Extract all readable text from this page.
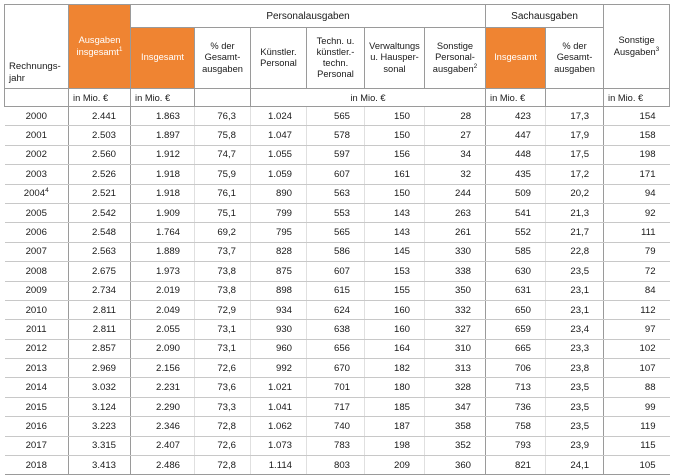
Rechnungs-jahr	Ausgaben insgesamt$^1$	Personalausgaben						Sachausgaben		Sonstige Ausgaben$^3$
		Insgesamt	% der Gesamt-ausgaben	Künstler. Personal	Techn. u. künstler.-techn. Personal	Verwaltungs u. Hausper-sonal	Sonstige Personal-ausgaben$^2$	Insgesamt	% der Gesamt-ausgaben	
	in Mio. €	in Mio. €		in Mio. €				in Mio. €		in Mio. €
2000	2.441	1.863	76,3	1.024	565	150	28	423	17,3	154
2001	2.503	1.897	75,8	1.047	578	150	27	447	17,9	158
2002	2.560	1.912	74,7	1.055	597	156	34	448	17,5	198
2003	2.526	1.918	75,9	1.059	607	161	32	435	17,2	171
2004$^4$	2.521	1.918	76,1	890	563	150	244	509	20,2	94
2005	2.542	1.909	75,1	799	553	143	263	541	21,3	92
2006	2.548	1.764	69,2	795	565	143	261	552	21,7	111
2007	2.563	1.889	73,7	828	586	145	330	585	22,8	79
2008	2.675	1.973	73,8	875	607	153	338	630	23,5	72
2009	2.734	2.019	73,8	898	615	155	350	631	23,1	84
2010	2.811	2.049	72,9	934	624	160	332	650	23,1	112
2011	2.811	2.055	73,1	930	638	160	327	659	23,4	97
2012	2.857	2.090	73,1	960	656	164	310	665	23,3	102
2013	2.969	2.156	72,6	992	670	182	313	706	23,8	107
2014	3.032	2.231	73,6	1.021	701	180	328	713	23,5	88
2015	3.124	2.290	73,3	1.041	717	185	347	736	23,5	99
2016	3.223	2.346	72,8	1.062	740	187	358	758	23,5	119
2017	3.315	2.407	72,6	1.073	783	198	352	793	23,9	115
2018	3.413	2.486	72,8	1.114	803	209	360	821	24,1	105
